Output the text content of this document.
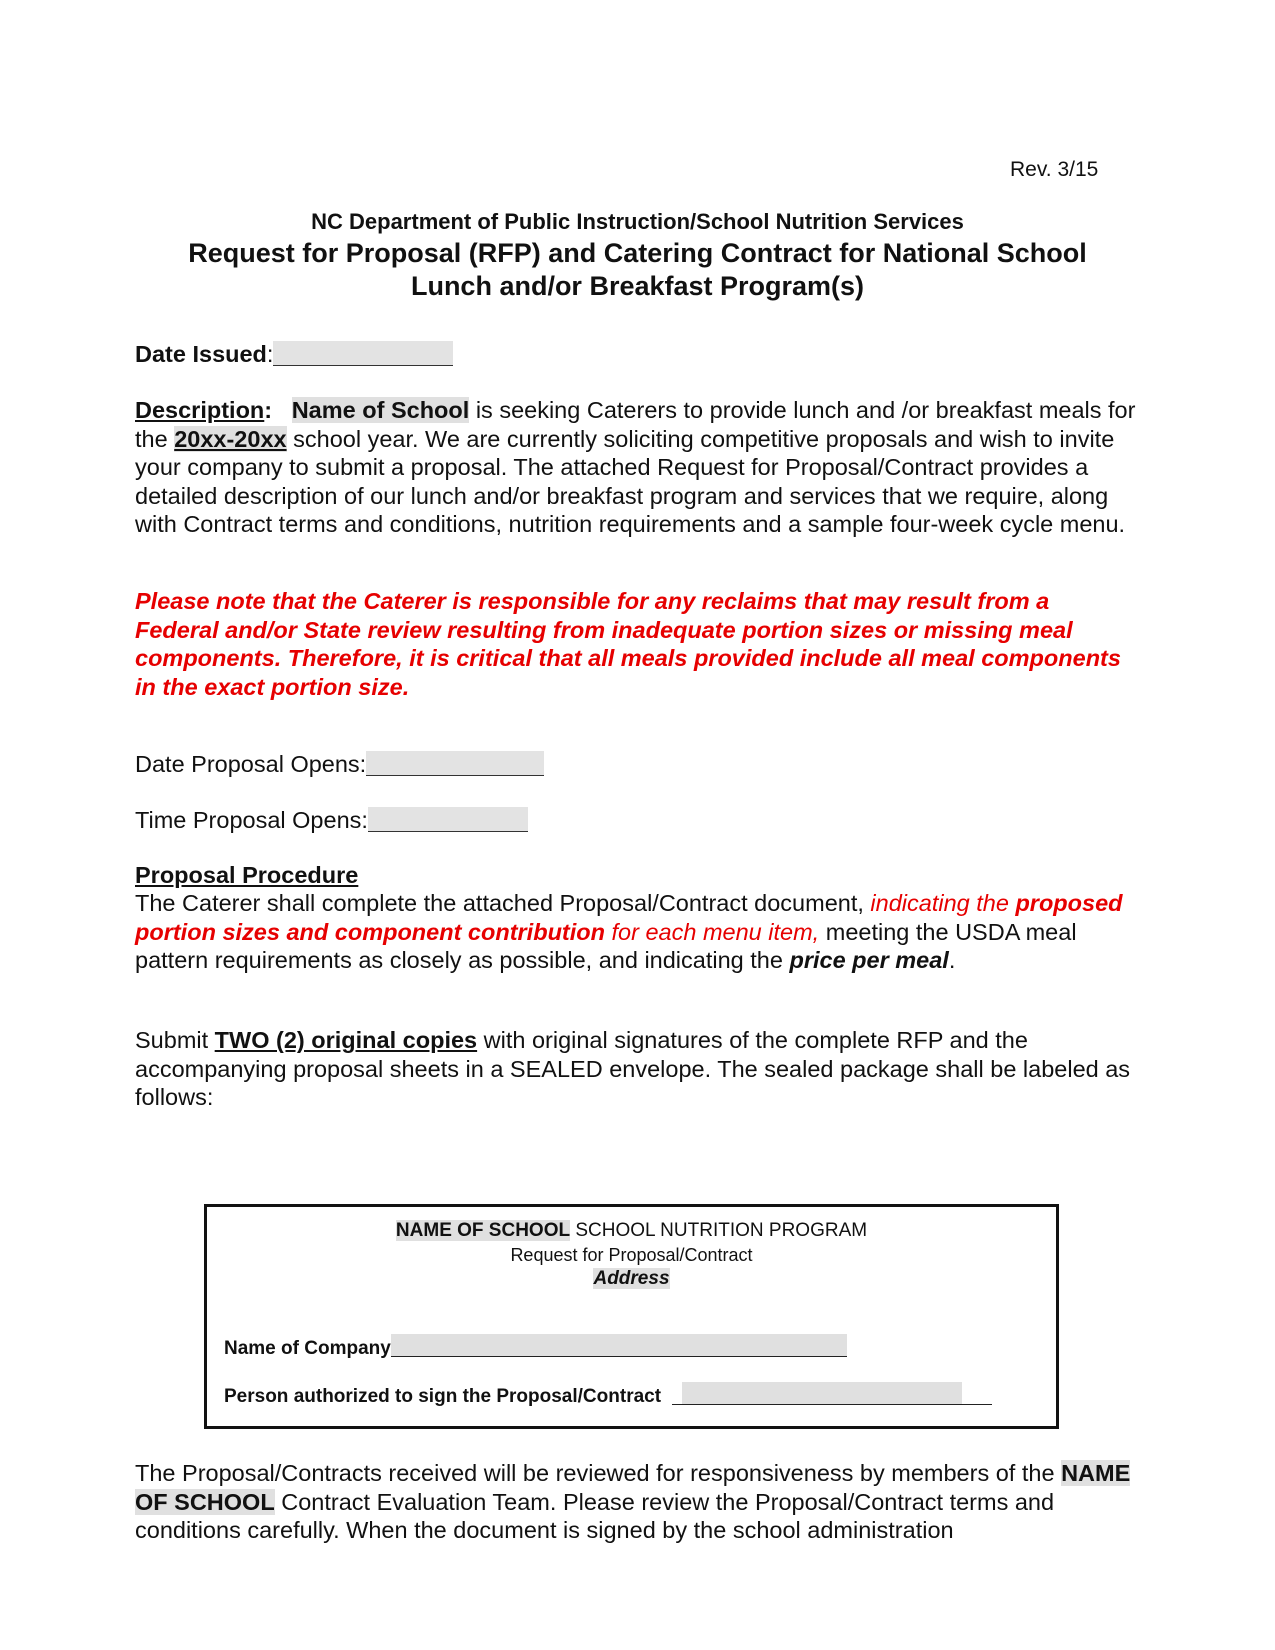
Rev. 3/15
NC Department of Public Instruction/School Nutrition Services
Request for Proposal (RFP) and Catering Contract for National School
Lunch and/or Breakfast Program(s)
Date Issued:
Description: Name of School is seeking Caterers to provide lunch and /or breakfast meals for the 20xx-20xx school year. We are currently soliciting competitive proposals and wish to invite your company to submit a proposal. The attached Request for Proposal/Contract provides a detailed description of our lunch and/or breakfast program and services that we require, along with Contract terms and conditions, nutrition requirements and a sample four-week cycle menu.
Please note that the Caterer is responsible for any reclaims that may result from a Federal and/or State review resulting from inadequate portion sizes or missing meal components. Therefore, it is critical that all meals provided include all meal components in the exact portion size.
Date Proposal Opens:
Time Proposal Opens:
Proposal Procedure
The Caterer shall complete the attached Proposal/Contract document, indicating the proposed portion sizes and component contribution for each menu item, meeting the USDA meal pattern requirements as closely as possible, and indicating the price per meal.
Submit TWO (2) original copies with original signatures of the complete RFP and the accompanying proposal sheets in a SEALED envelope. The sealed package shall be labeled as follows:
NAME OF SCHOOL SCHOOL NUTRITION PROGRAM
Request for Proposal/Contract
Address
Name of Company
Person authorized to sign the Proposal/Contract
The Proposal/Contracts received will be reviewed for responsiveness by members of the NAME OF SCHOOL Contract Evaluation Team. Please review the Proposal/Contract terms and conditions carefully. When the document is signed by the school administration
